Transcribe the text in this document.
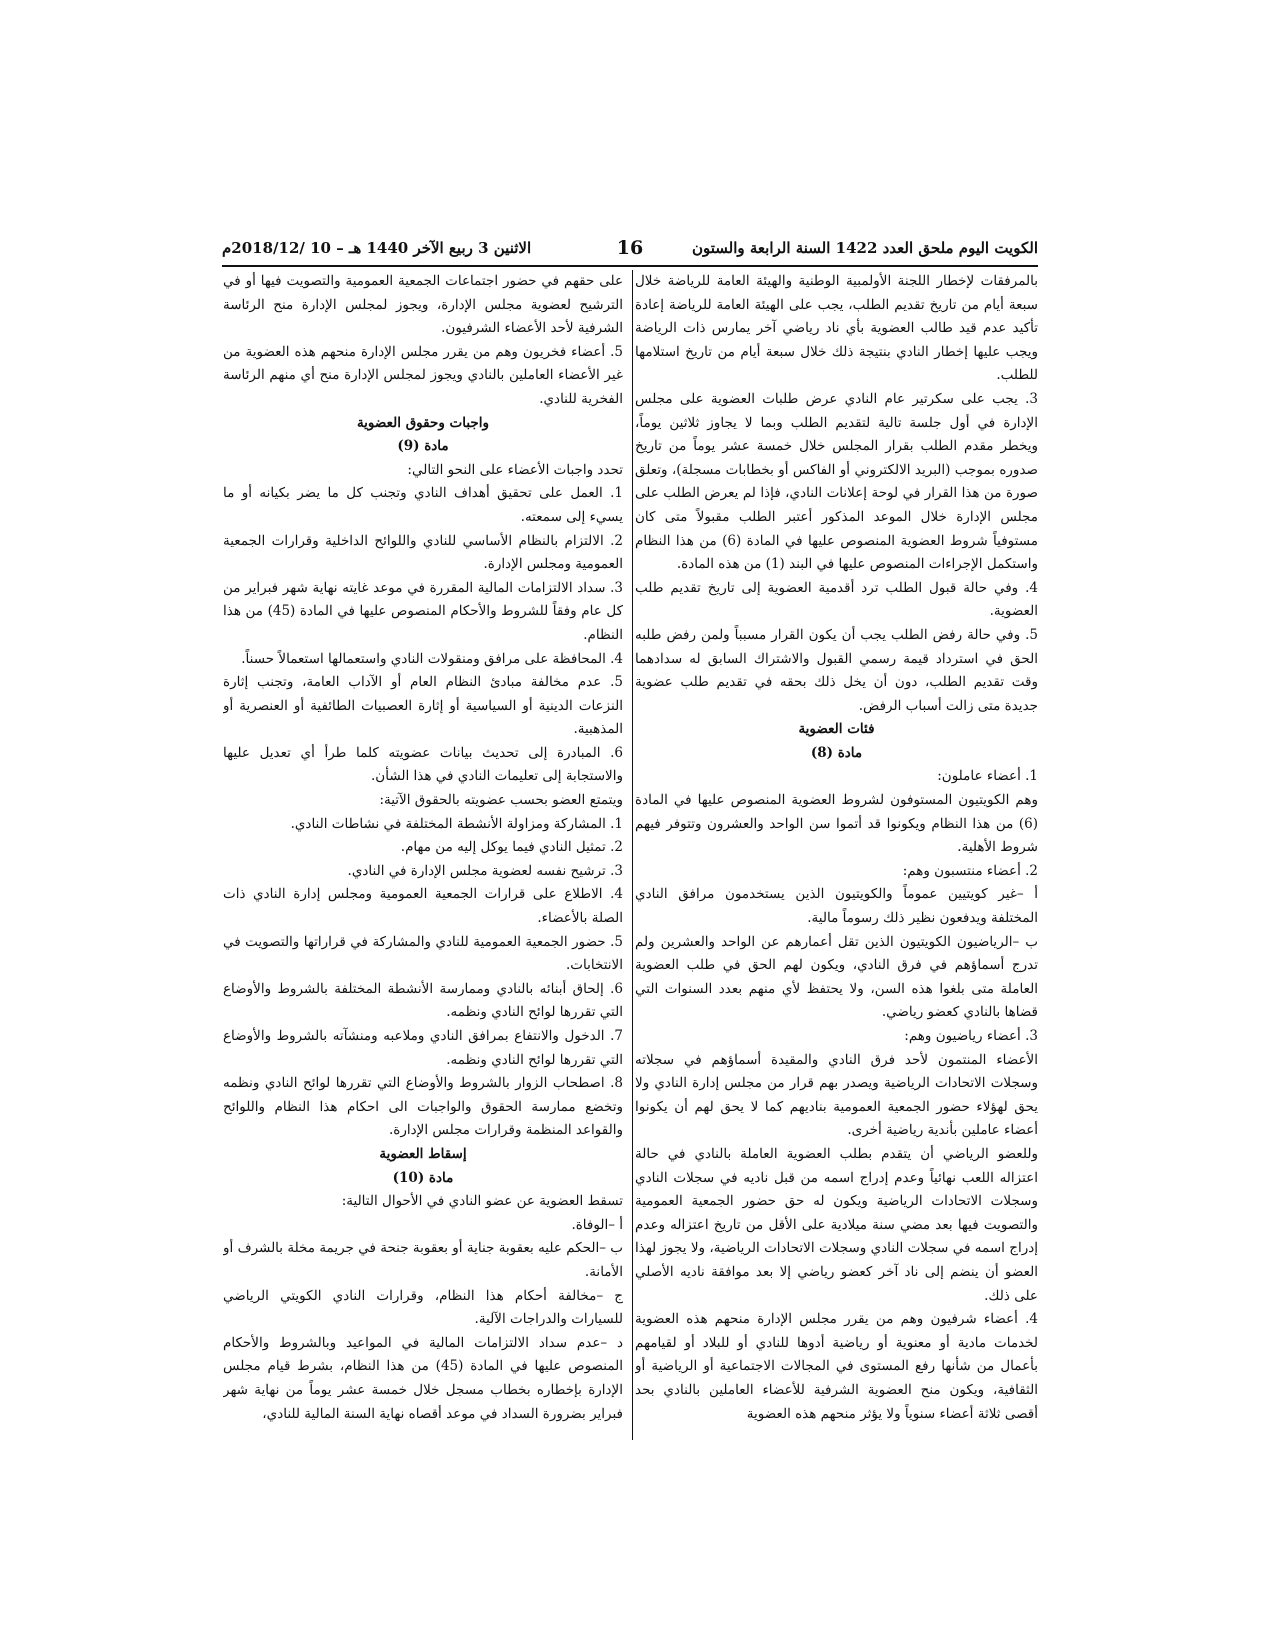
الكويت اليوم ملحق العدد 1422 السنة الرابعة والستون
16
الاثنين 3 ربيع الآخر 1440 هـ – 10 /2018/12م

بالمرفقات لإخطار اللجنة الأولمبية الوطنية والهيئة العامة للرياضة خلال سبعة أيام من تاريخ تقديم الطلب، يجب على الهيئة العامة للرياضة إعادة تأكيد عدم قيد طالب العضوية بأي ناد رياضي آخر يمارس ذات الرياضة ويجب عليها إخطار النادي بنتيجة ذلك خلال سبعة أيام من تاريخ استلامها للطلب.

3. يجب على سكرتير عام النادي عرض طلبات العضوية على مجلس الإدارة في أول جلسة تالية لتقديم الطلب وبما لا يجاوز ثلاثين يوماً، ويخطر مقدم الطلب بقرار المجلس خلال خمسة عشر يوماً من تاريخ صدوره بموجب (البريد الالكتروني أو الفاكس أو بخطابات مسجلة)، وتعلق صورة من هذا القرار في لوحة إعلانات النادي، فإذا لم يعرض الطلب على مجلس الإدارة خلال الموعد المذكور أعتبر الطلب مقبولاً متى كان مستوفياً شروط العضوية المنصوص عليها في المادة (6) من هذا النظام واستكمل الإجراءات المنصوص عليها في البند (1) من هذه المادة.

4. وفي حالة قبول الطلب ترد أقدمية العضوية إلى تاريخ تقديم طلب العضوية.

5. وفي حالة رفض الطلب يجب أن يكون القرار مسبباً ولمن رفض طلبه الحق في استرداد قيمة رسمي القبول والاشتراك السابق له سدادهما وقت تقديم الطلب، دون أن يخل ذلك بحقه في تقديم طلب عضوية جديدة متى زالت أسباب الرفض.

فئات العضوية

مادة (8)

1. أعضاء عاملون:

وهم الكويتيون المستوفون لشروط العضوية المنصوص عليها في المادة (6) من هذا النظام ويكونوا قد أتموا سن الواحد والعشرون وتتوفر فيهم شروط الأهلية.

2. أعضاء منتسبون وهم:

أ –غير كويتيين عموماً والكويتيون الذين يستخدمون مرافق النادي المختلفة ويدفعون نظير ذلك رسوماً مالية.

ب –الرياضيون الكويتيون الذين تقل أعمارهم عن الواحد والعشرين ولم تدرج أسماؤهم في فرق النادي، ويكون لهم الحق في طلب العضوية العاملة متى بلغوا هذه السن، ولا يحتفظ لأي منهم بعدد السنوات التي قضاها بالنادي كعضو رياضي.

3. أعضاء رياضيون وهم:

الأعضاء المنتمون لأحد فرق النادي والمقيدة أسماؤهم في سجلاته وسجلات الاتحادات الرياضية ويصدر بهم قرار من مجلس إدارة النادي ولا يحق لهؤلاء حضور الجمعية العمومية بناديهم كما لا يحق لهم أن يكونوا أعضاء عاملين بأندية رياضية أخرى.

وللعضو الرياضي أن يتقدم بطلب العضوية العاملة بالنادي في حالة اعتزاله اللعب نهائياً وعدم إدراج اسمه من قبل ناديه في سجلات النادي وسجلات الاتحادات الرياضية ويكون له حق حضور الجمعية العمومية والتصويت فيها بعد مضي سنة ميلادية على الأقل من تاريخ اعتزاله وعدم إدراج اسمه في سجلات النادي وسجلات الاتحادات الرياضية، ولا يجوز لهذا العضو أن ينضم إلى ناد آخر كعضو رياضي إلا بعد موافقة ناديه الأصلي على ذلك.

4. أعضاء شرفيون وهم من يقرر مجلس الإدارة منحهم هذه العضوية لخدمات مادية أو معنوية أو رياضية أدوها للنادي أو للبلاد أو لقيامهم بأعمال من شأنها رفع المستوى في المجالات الاجتماعية أو الرياضية أو الثقافية، ويكون منح العضوية الشرفية للأعضاء العاملين بالنادي بحد أقصى ثلاثة أعضاء سنوياً ولا يؤثر منحهم هذه العضوية

على حقهم في حضور اجتماعات الجمعية العمومية والتصويت فيها أو في الترشيح لعضوية مجلس الإدارة، ويجوز لمجلس الإدارة منح الرئاسة الشرفية لأحد الأعضاء الشرفيون.

5. أعضاء فخريون وهم من يقرر مجلس الإدارة منحهم هذه العضوية من غير الأعضاء العاملين بالنادي ويجوز لمجلس الإدارة منح أي منهم الرئاسة الفخرية للنادي.

واجبات وحقوق العضوية

مادة (9)

تحدد واجبات الأعضاء على النحو التالي:

1. العمل على تحقيق أهداف النادي وتجنب كل ما يضر بكيانه أو ما يسيء إلى سمعته.

2. الالتزام بالنظام الأساسي للنادي واللوائح الداخلية وقرارات الجمعية العمومية ومجلس الإدارة.

3. سداد الالتزامات المالية المقررة في موعد غايته نهاية شهر فبراير من كل عام وفقاً للشروط والأحكام المنصوص عليها في المادة (45) من هذا النظام.

4. المحافظة على مرافق ومنقولات النادي واستعمالها استعمالاً حسناً.

5. عدم مخالفة مبادئ النظام العام أو الآداب العامة، وتجنب إثارة النزعات الدينية أو السياسية أو إثارة العصبيات الطائفية أو العنصرية أو المذهبية.

6. المبادرة إلى تحديث بيانات عضويته كلما طرأ أي تعديل عليها والاستجابة إلى تعليمات النادي في هذا الشأن.

ويتمتع العضو بحسب عضويته بالحقوق الآتية:

1. المشاركة ومزاولة الأنشطة المختلفة في نشاطات النادي.

2. تمثيل النادي فيما يوكل إليه من مهام.

3. ترشيح نفسه لعضوية مجلس الإدارة في النادي.

4. الاطلاع على قرارات الجمعية العمومية ومجلس إدارة النادي ذات الصلة بالأعضاء.

5. حضور الجمعية العمومية للنادي والمشاركة في قراراتها والتصويت في الانتخابات.

6. إلحاق أبنائه بالنادي وممارسة الأنشطة المختلفة بالشروط والأوضاع التي تقررها لوائح النادي ونظمه.

7. الدخول والانتفاع بمرافق النادي وملاعبه ومنشآته بالشروط والأوضاع التي تقررها لوائح النادي ونظمه.

8. اصطحاب الزوار بالشروط والأوضاع التي تقررها لوائح النادي ونظمه وتخضع ممارسة الحقوق والواجبات الى احكام هذا النظام واللوائح والقواعد المنظمة وقرارات مجلس الإدارة.

إسقاط العضوية

مادة (10)

تسقط العضوية عن عضو النادي في الأحوال التالية:

أ –الوفاة.

ب –الحكم عليه بعقوبة جناية أو بعقوبة جنحة في جريمة مخلة بالشرف أو الأمانة.

ج –مخالفة أحكام هذا النظام، وقرارات النادي الكويتي الرياضي للسيارات والدراجات الآلية.

د –عدم سداد الالتزامات المالية في المواعيد وبالشروط والأحكام المنصوص عليها في المادة (45) من هذا النظام، بشرط قيام مجلس الإدارة بإخطاره بخطاب مسجل خلال خمسة عشر يوماً من نهاية شهر فبراير بضرورة السداد في موعد أقصاه نهاية السنة المالية للنادي،
